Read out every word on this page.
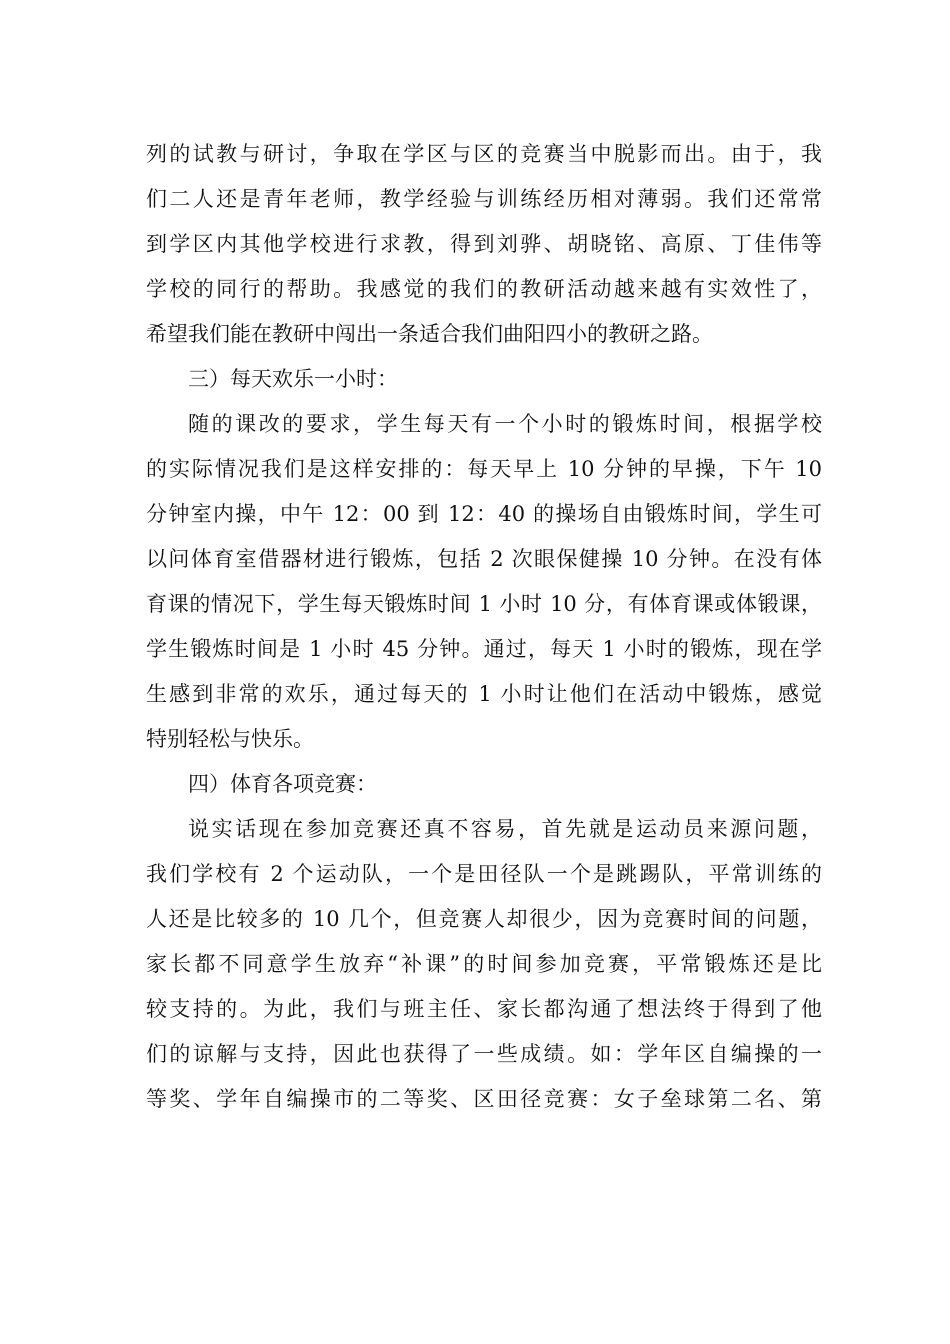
列的试教与研讨，争取在学区与区的竞赛当中脱影而出。由于，我
们二人还是青年老师，教学经验与训练经历相对薄弱。我们还常常
到学区内其他学校进行求教，得到刘骅、胡晓铭、高原、丁佳伟等
学校的同行的帮助。我感觉的我们的教研活动越来越有实效性了，
希望我们能在教研中闯出一条适合我们曲阳四小的教研之路。
三）每天欢乐一小时：
随的课改的要求，学生每天有一个小时的锻炼时间，根据学校
的实际情况我们是这样安排的：每天早上 10 分钟的早操，下午 10
分钟室内操，中午 12：00 到 12：40 的操场自由锻炼时间，学生可
以问体育室借器材进行锻炼，包括 2 次眼保健操 10 分钟。在没有体
育课的情况下，学生每天锻炼时间 1 小时 10 分，有体育课或体锻课，
学生锻炼时间是 1 小时 45 分钟。通过，每天 1 小时的锻炼，现在学
生感到非常的欢乐，通过每天的 1 小时让他们在活动中锻炼，感觉
特别轻松与快乐。
四）体育各项竞赛：
说实话现在参加竞赛还真不容易，首先就是运动员来源问题，
我们学校有 2 个运动队，一个是田径队一个是跳踢队，平常训练的
人还是比较多的 10 几个，但竞赛人却很少，因为竞赛时间的问题，
家长都不同意学生放弃“补课”的时间参加竞赛，平常锻炼还是比
较支持的。为此，我们与班主任、家长都沟通了想法终于得到了他
们的谅解与支持，因此也获得了一些成绩。如：学年区自编操的一
等奖、学年自编操市的二等奖、区田径竞赛：女子垒球第二名、第
